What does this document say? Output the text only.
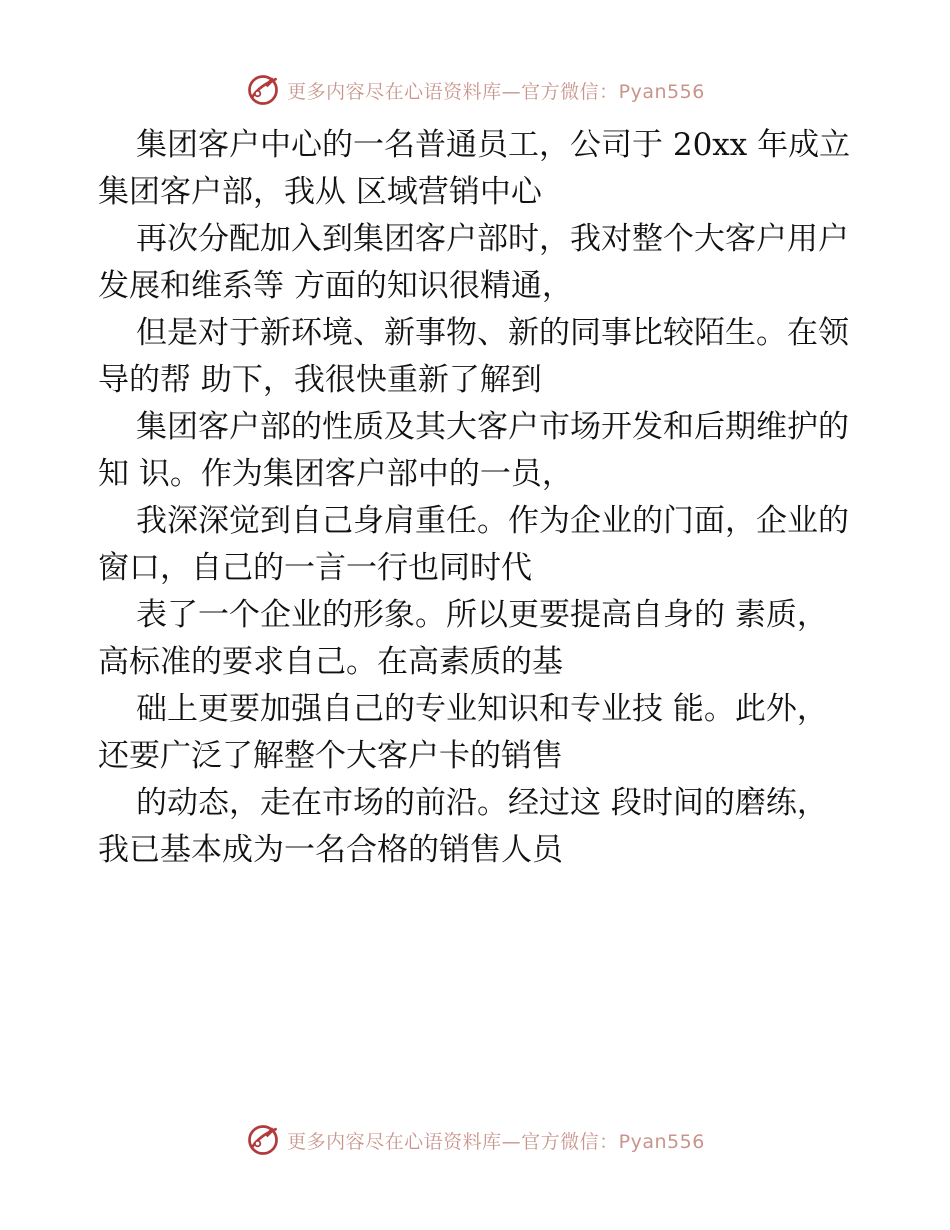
更多内容尽在心语资料库—官方微信：Pyan556

集团客户中心的一名普通员工，公司于 20xx 年成立集团客户部，我从 区域营销中心

再次分配加入到集团客户部时，我对整个大客户用户发展和维系等 方面的知识很精通，

但是对于新环境、新事物、新的同事比较陌生。在领导的帮 助下，我很快重新了解到

集团客户部的性质及其大客户市场开发和后期维护的知 识。作为集团客户部中的一员，

我深深觉到自己身肩重任。作为企业的门面，企业的窗口，自己的一言一行也同时代

表了一个企业的形象。所以更要提高自身的 素质，高标准的要求自己。在高素质的基

础上更要加强自己的专业知识和专业技 能。此外，还要广泛了解整个大客户卡的销售

的动态，走在市场的前沿。经过这 段时间的磨练，我已基本成为一名合格的销售人员

更多内容尽在心语资料库—官方微信：Pyan556
